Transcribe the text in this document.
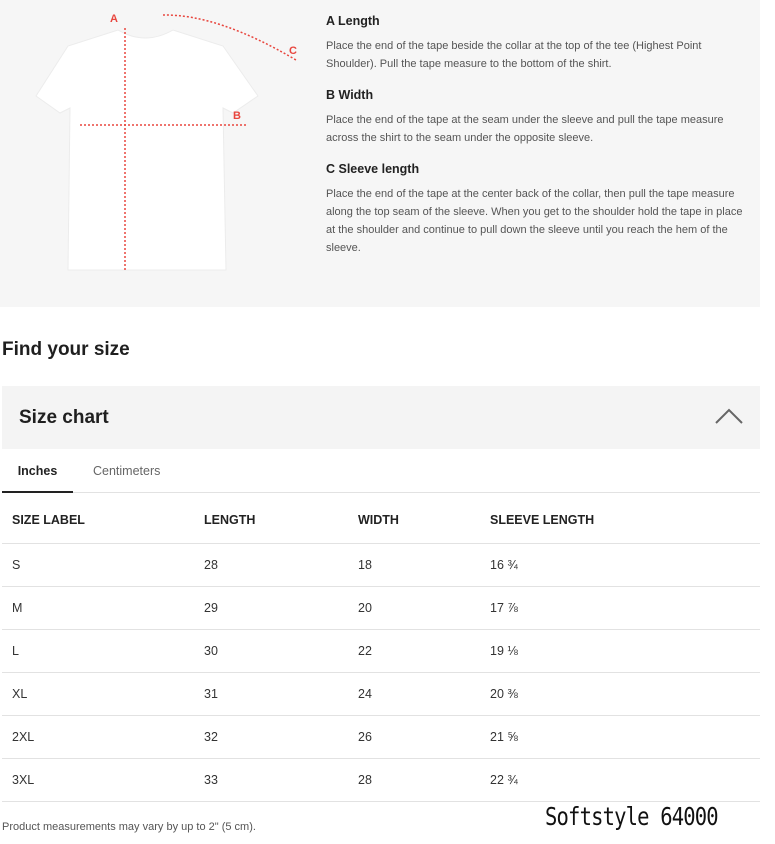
A
B
C
A Length
Place the end of the tape beside the collar at the top of the tee (Highest Point Shoulder). Pull the tape measure to the bottom of the shirt.
B Width
Place the end of the tape at the seam under the sleeve and pull the tape measure across the shirt to the seam under the opposite sleeve.
C Sleeve length
Place the end of the tape at the center back of the collar, then pull the tape measure along the top seam of the sleeve. When you get to the shoulder hold the tape in place at the shoulder and continue to pull down the sleeve until you reach the hem of the sleeve.
Find your size
Size chart
Inches	Centimeters
SIZE LABEL	LENGTH	WIDTH	SLEEVE LENGTH
S	28	18	16 ¾
M	29	20	17 ⅞
L	30	22	19 ⅛
XL	31	24	20 ⅜
2XL	32	26	21 ⅝
3XL	33	28	22 ¾
Product measurements may vary by up to 2" (5 cm).	Softstyle 64000
